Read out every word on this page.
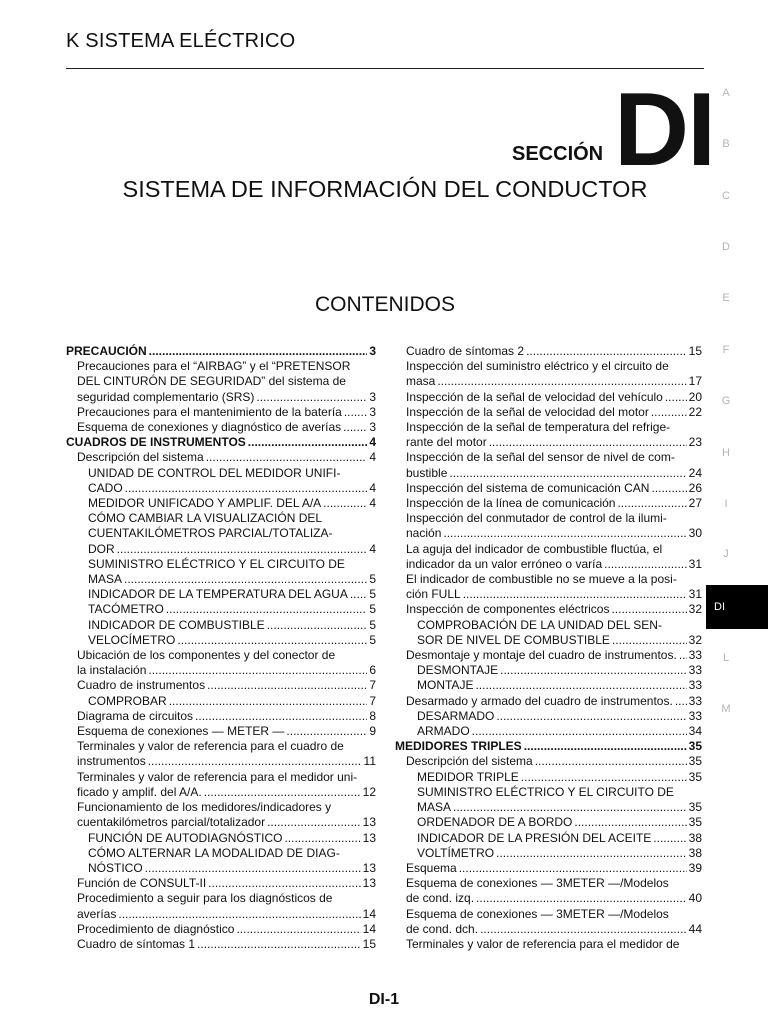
K SISTEMA ELÉCTRICO
SECCIÓN DI
SISTEMA DE INFORMACIÓN DEL CONDUCTOR
CONTENIDOS
PRECAUCIÓN .....	3
Precauciones para el “AIRBAG” y el “PRETENSOR
DEL CINTURÓN DE SEGURIDAD” del sistema de
seguridad complementario (SRS) .....	3
Precauciones para el mantenimiento de la batería ..... 3
Esquema de conexiones y diagnóstico de averías ..... 3
CUADROS DE INSTRUMENTOS .....	4
Descripción del sistema .....	4
UNIDAD DE CONTROL DEL MEDIDOR UNIFI-
CADO .....	4
MEDIDOR UNIFICADO Y AMPLIF. DEL A/A .....	4
CÓMO CAMBIAR LA VISUALIZACIÓN DEL
CUENTAKILÓMETROS PARCIAL/TOTALIZA-
DOR .....	4
SUMINISTRO ELÉCTRICO Y EL CIRCUITO DE
MASA .....	5
INDICADOR DE LA TEMPERATURA DEL AGUA ..... 5
TACÓMETRO .....	5
INDICADOR DE COMBUSTIBLE .....	5
VELOCÍMETRO .....	5
Ubicación de los componentes y del conector de
la instalación .....	6
Cuadro de instrumentos .....	7
COMPROBAR .....	7
Diagrama de circuitos .....	8
Esquema de conexiones — METER — .....	9
Terminales y valor de referencia para el cuadro de
instrumentos .....	11
Terminales y valor de referencia para el medidor uni-
ficado y amplif. del A/A. .....	12
Funcionamiento de los medidores/indicadores y
cuentakilómetros parcial/totalizador .....	13
FUNCIÓN DE AUTODIAGNÓSTICO .....	13
CÓMO ALTERNAR LA MODALIDAD DE DIAG-
NÓSTICO .....	13
Función de CONSULT-II .....	13
Procedimiento a seguir para los diagnósticos de
averías .....	14
Procedimiento de diagnóstico .....	14
Cuadro de síntomas 1 .....	15
Cuadro de síntomas 2 .....	15
Inspección del suministro eléctrico y el circuito de
masa .....	17
Inspección de la señal de velocidad del vehículo ..... 20
Inspección de la señal de velocidad del motor .....	22
Inspección de la señal de temperatura del refrige-
rante del motor .....	23
Inspección de la señal del sensor de nivel de com-
bustible .....	24
Inspección del sistema de comunicación CAN .....	26
Inspección de la línea de comunicación .....	27
Inspección del conmutador de control de la ilumi-
nación .....	30
La aguja del indicador de combustible fluctúa, el
indicador da un valor erróneo o varía .....	31
El indicador de combustible no se mueve a la posi-
ción FULL .....	31
Inspección de componentes eléctricos .....	32
COMPROBACIÓN DE LA UNIDAD DEL SEN-
SOR DE NIVEL DE COMBUSTIBLE .....	32
Desmontaje y montaje del cuadro de instrumentos. ..... 33
DESMONTAJE .....	33
MONTAJE .....	33
Desarmado y armado del cuadro de instrumentos. ..... 33
DESARMADO .....	33
ARMADO .....	34
MEDIDORES TRIPLES .....	35
Descripción del sistema .....	35
MEDIDOR TRIPLE .....	35
SUMINISTRO ELÉCTRICO Y EL CIRCUITO DE
MASA .....	35
ORDENADOR DE A BORDO .....	35
INDICADOR DE LA PRESIÓN DEL ACEITE .....	38
VOLTÍMETRO .....	38
Esquema .....	39
Esquema de conexiones — 3METER —/Modelos
de cond. izq. .....	40
Esquema de conexiones — 3METER —/Modelos
de cond. dch. .....	44
Terminales y valor de referencia para el medidor de
A
B
C
D
E
F
G
H
I
J
DI
L
M
DI-1
